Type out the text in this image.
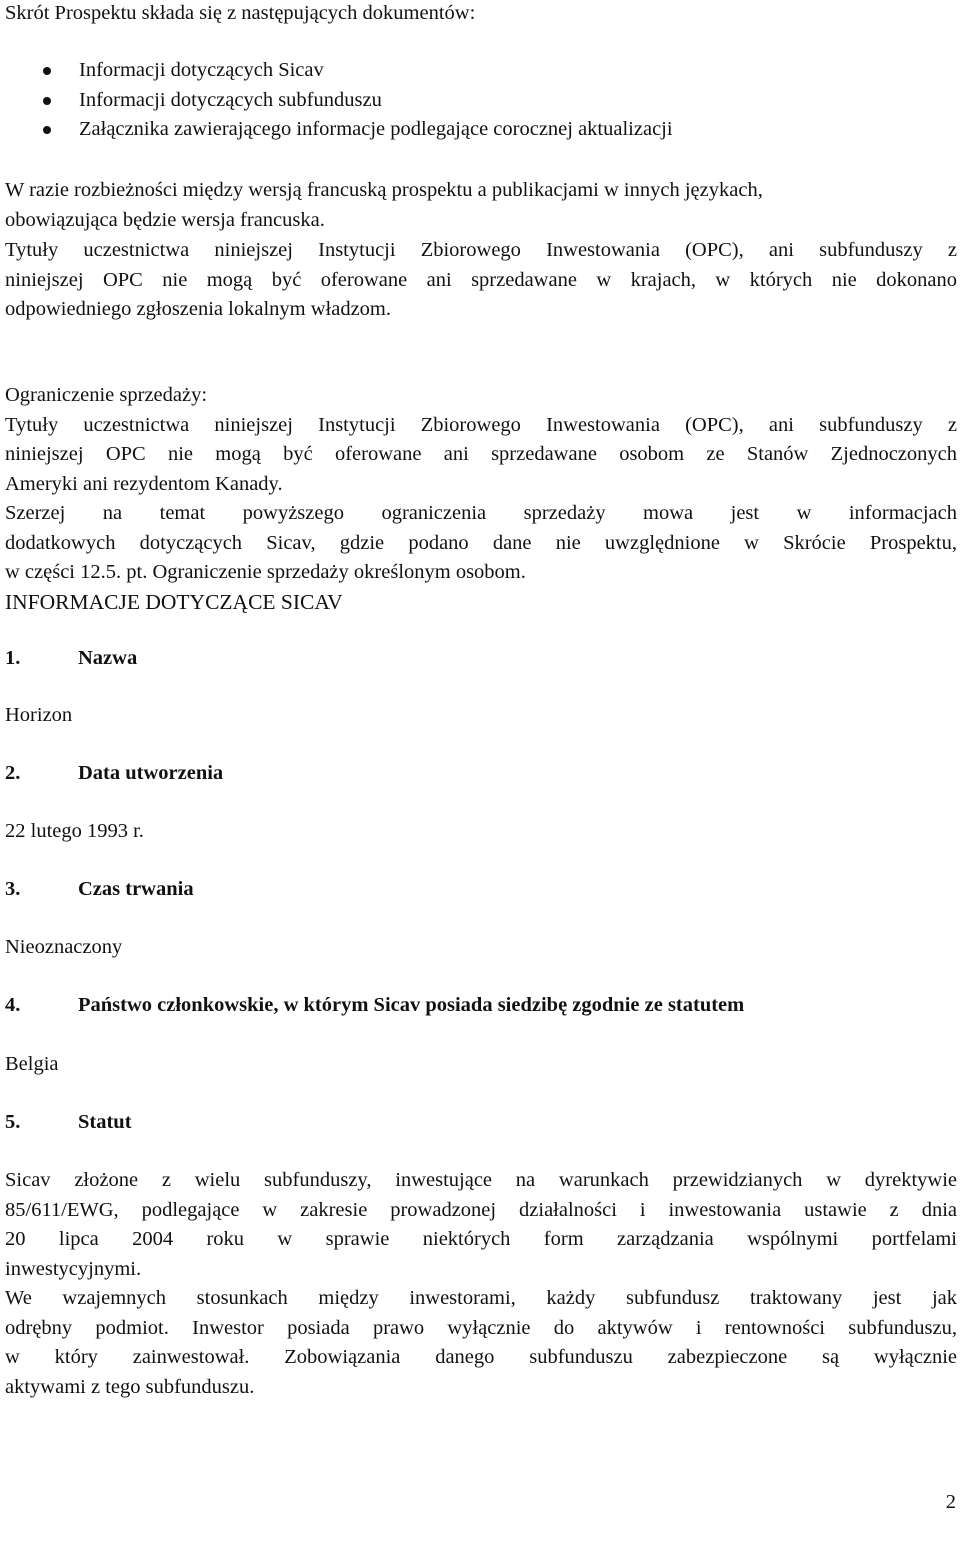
Skrót Prospektu składa się z następujących dokumentów:

Informacji dotyczących Sicav
Informacji dotyczących subfunduszu
Załącznika zawierającego informacje podlegające corocznej aktualizacji
W razie rozbieżności między wersją francuską prospektu a publikacjami w innych językach,
obowiązująca będzie wersja francuska.
Tytuły uczestnictwa niniejszej Instytucji Zbiorowego Inwestowania (OPC), ani subfunduszy z
niniejszej OPC nie mogą być oferowane ani sprzedawane w krajach, w których nie dokonano
odpowiedniego zgłoszenia lokalnym władzom.
Ograniczenie sprzedaży:
Tytuły uczestnictwa niniejszej Instytucji Zbiorowego Inwestowania (OPC), ani subfunduszy z
niniejszej OPC nie mogą być oferowane ani sprzedawane osobom ze Stanów Zjednoczonych
Ameryki ani rezydentom Kanady.
Szerzej na temat powyższego ograniczenia sprzedaży mowa jest w informacjach
dodatkowych dotyczących Sicav, gdzie podano dane nie uwzględnione w Skrócie Prospektu,
w części 12.5. pt. Ograniczenie sprzedaży określonym osobom.
INFORMACJE DOTYCZĄCE SICAV
1.	Nazwa
Horizon
2.	Data utworzenia
22 lutego 1993 r.
3.	Czas trwania
Nieoznaczony
4.	Państwo członkowskie, w którym Sicav posiada siedzibę zgodnie ze statutem
Belgia
5.	Statut
Sicav złożone z wielu subfunduszy, inwestujące na warunkach przewidzianych w dyrektywie
85/611/EWG, podlegające w zakresie prowadzonej działalności i inwestowania ustawie z dnia
20 lipca 2004 roku w sprawie niektórych form zarządzania wspólnymi portfelami
inwestycyjnymi.
We wzajemnych stosunkach między inwestorami, każdy subfundusz traktowany jest jak
odrębny podmiot. Inwestor posiada prawo wyłącznie do aktywów i rentowności subfunduszu,
w który zainwestował. Zobowiązania danego subfunduszu zabezpieczone są wyłącznie
aktywami z tego subfunduszu.
2
